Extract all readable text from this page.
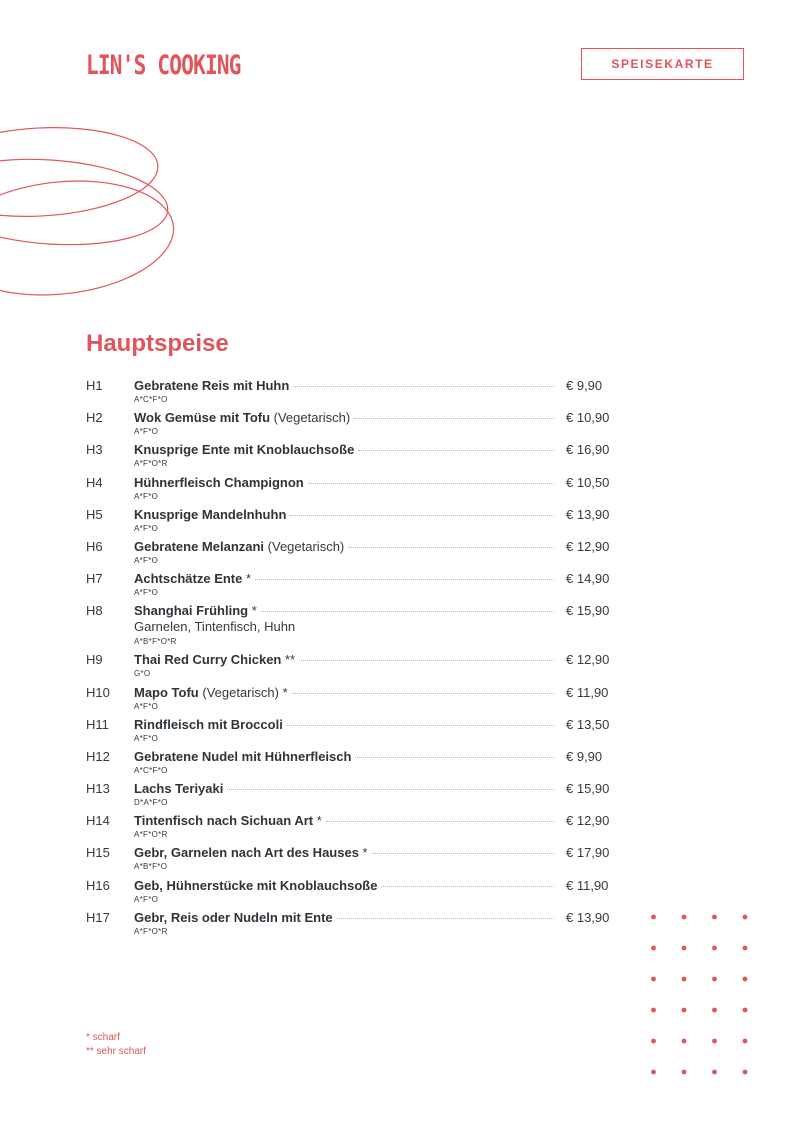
LIN'S COOKING	SPEISEKARTE
Hauptspeise
H1 Gebratene Reis mit Huhn	€ 9,90
A*C*F*O
H2 Wok Gemüse mit Tofu (Vegetarisch)	€ 10,90
A*F*O
H3 Knusprige Ente mit Knoblauchsoße	€ 16,90
A*F*O*R
H4 Hühnerfleisch Champignon	€ 10,50
A*F*O
H5 Knusprige Mandelnhuhn	€ 13,90
A*F*O
H6 Gebratene Melanzani (Vegetarisch)	€ 12,90
A*F*O
H7 Achtschätze Ente *	€ 14,90
A*F*O
H8 Shanghai Frühling *	€ 15,90
Garnelen, Tintenfisch, Huhn
A*B*F*O*R
H9 Thai Red Curry Chicken **	€ 12,90
G*O
H10 Mapo Tofu (Vegetarisch) *	€ 11,90
A*F*O
H11 Rindfleisch mit Broccoli	€ 13,50
A*F*O
H12 Gebratene Nudel mit Hühnerfleisch	€ 9,90
A*C*F*O
H13 Lachs Teriyaki	€ 15,90
D*A*F*O
H14 Tintenfisch nach Sichuan Art *	€ 12,90
A*F*O*R
H15 Gebr, Garnelen nach Art des Hauses *	€ 17,90
A*B*F*O
H16 Geb, Hühnerstücke mit Knoblauchsoße	€ 11,90
A*F*O
H17 Gebr, Reis oder Nudeln mit Ente	€ 13,90
A*F*O*R
* scharf
** sehr scharf
